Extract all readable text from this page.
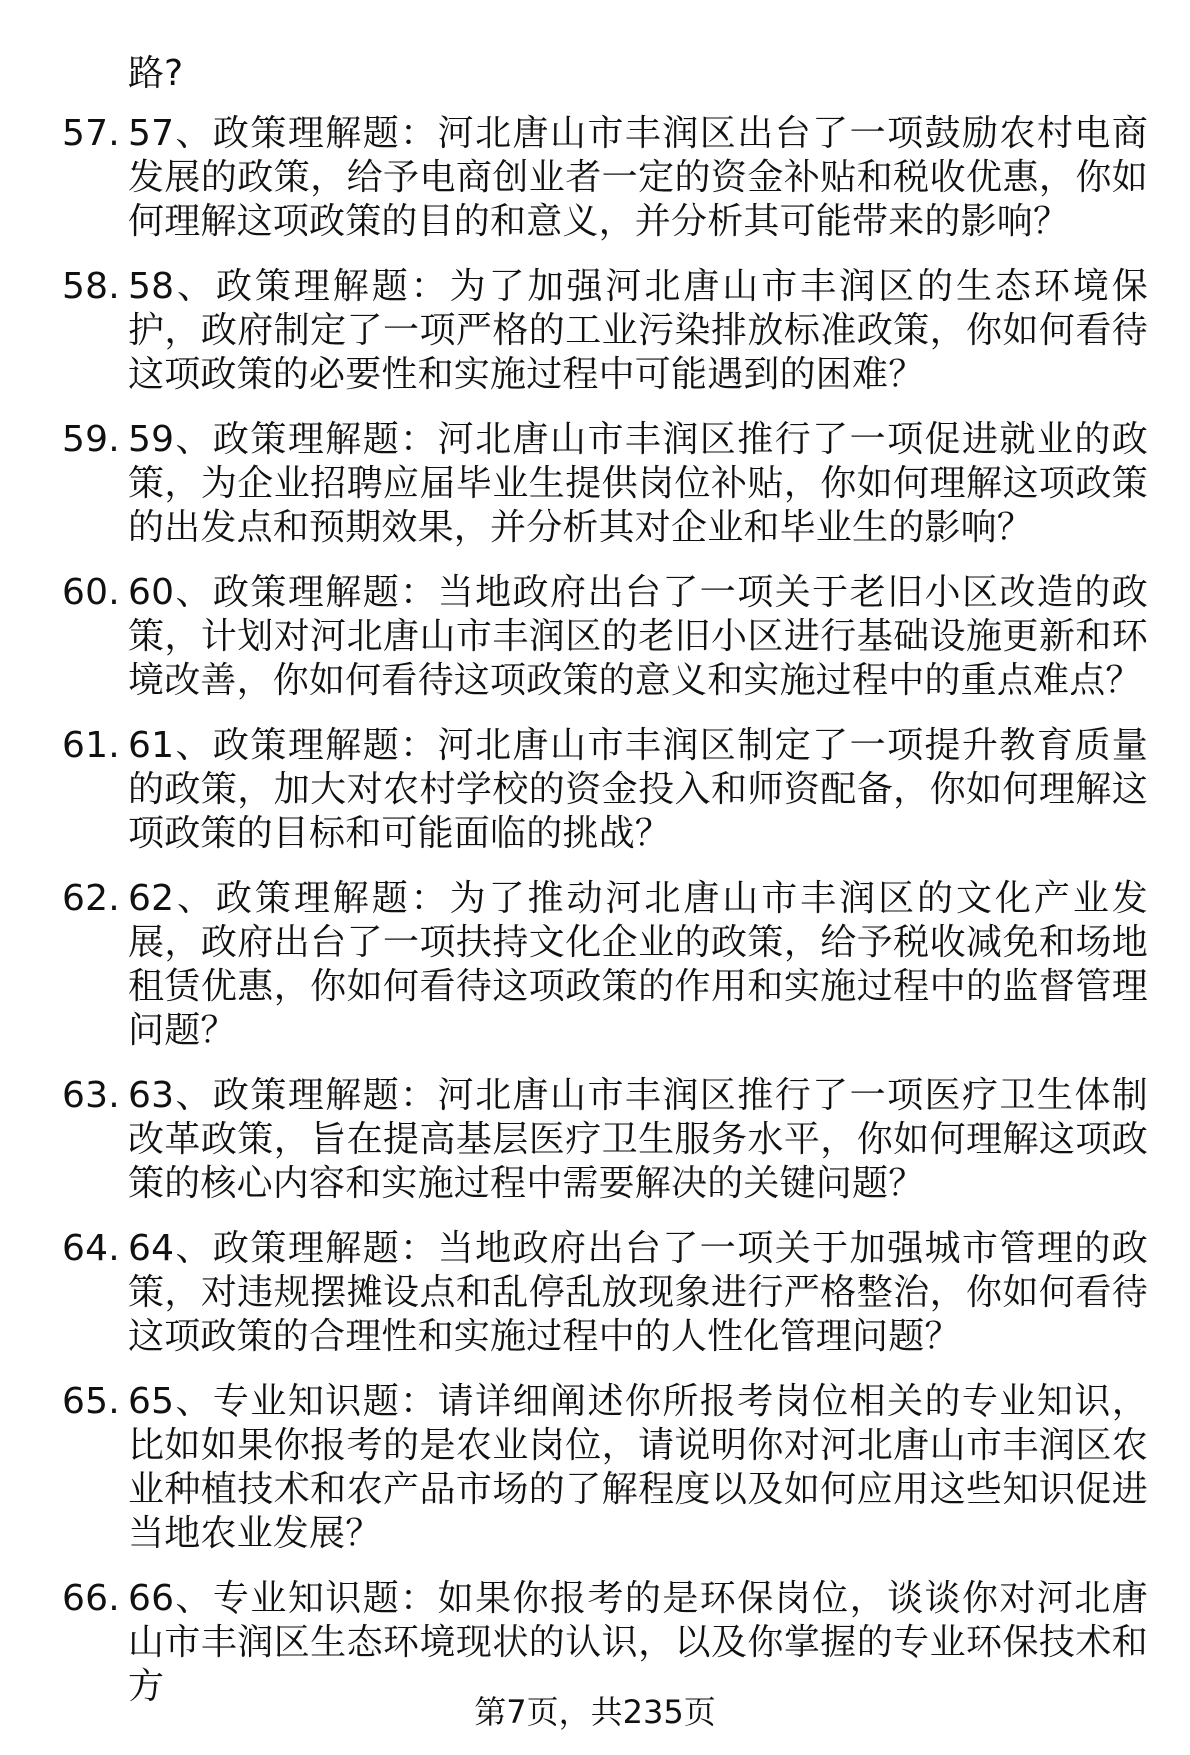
路?

57. 57、政策理解题：河北唐山市丰润区出台了一项鼓励农村电商发展的政策，给予电商创业者一定的资金补贴和税收优惠，你如何理解这项政策的目的和意义，并分析其可能带来的影响？
58. 58、政策理解题：为了加强河北唐山市丰润区的生态环境保护，政府制定了一项严格的工业污染排放标准政策，你如何看待这项政策的必要性和实施过程中可能遇到的困难？
59. 59、政策理解题：河北唐山市丰润区推行了一项促进就业的政策，为企业招聘应届毕业生提供岗位补贴，你如何理解这项政策的出发点和预期效果，并分析其对企业和毕业生的影响？
60. 60、政策理解题：当地政府出台了一项关于老旧小区改造的政策，计划对河北唐山市丰润区的老旧小区进行基础设施更新和环境改善，你如何看待这项政策的意义和实施过程中的重点难点？
61. 61、政策理解题：河北唐山市丰润区制定了一项提升教育质量的政策，加大对农村学校的资金投入和师资配备，你如何理解这项政策的目标和可能面临的挑战？
62. 62、政策理解题：为了推动河北唐山市丰润区的文化产业发展，政府出台了一项扶持文化企业的政策，给予税收减免和场地租赁优惠，你如何看待这项政策的作用和实施过程中的监督管理问题？
63. 63、政策理解题：河北唐山市丰润区推行了一项医疗卫生体制改革政策，旨在提高基层医疗卫生服务水平，你如何理解这项政策的核心内容和实施过程中需要解决的关键问题？
64. 64、政策理解题：当地政府出台了一项关于加强城市管理的政策，对违规摆摊设点和乱停乱放现象进行严格整治，你如何看待这项政策的合理性和实施过程中的人性化管理问题？
65. 65、专业知识题：请详细阐述你所报考岗位相关的专业知识，比如如果你报考的是农业岗位，请说明你对河北唐山市丰润区农业种植技术和农产品市场的了解程度以及如何应用这些知识促进当地农业发展？
66. 66、专业知识题：如果你报考的是环保岗位，谈谈你对河北唐山市丰润区生态环境现状的认识，以及你掌握的专业环保技术和方
第7页，共235页
